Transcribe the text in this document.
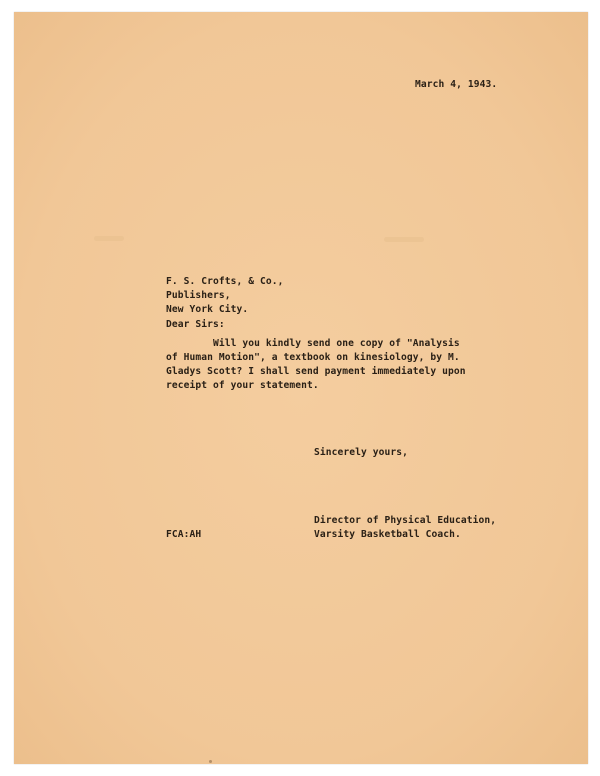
March 4, 1943.
F. S. Crofts, & Co.,
Publishers,
New York City.
Dear Sirs:
Will you kindly send one copy of "Analysis
of Human Motion", a textbook on kinesiology, by M.
Gladys Scott? I shall send payment immediately upon
receipt of your statement.
Sincerely yours,
Director of Physical Education,
Varsity Basketball Coach.
FCA:AH
